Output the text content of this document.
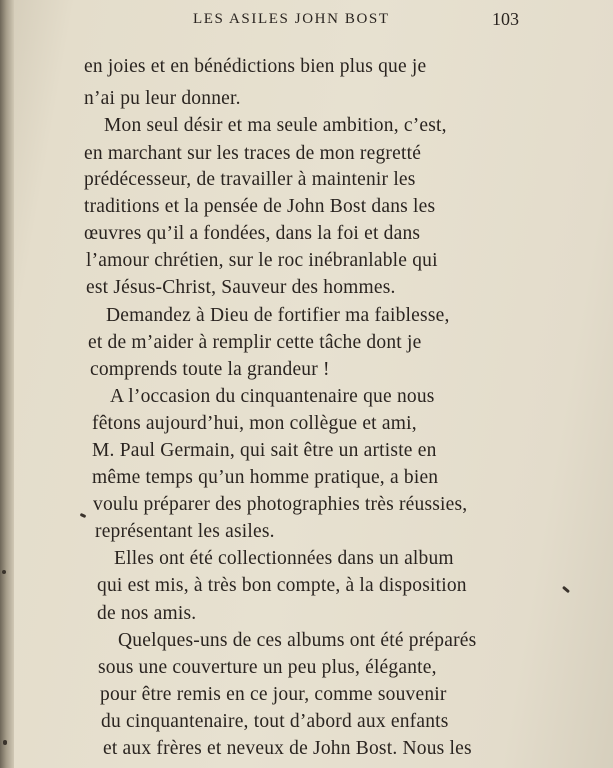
LES ASILES JOHN BOST	103
en joies et en bénédictions bien plus que je
n’ai pu leur donner.
Mon seul désir et ma seule ambition, c’est,
en marchant sur les traces de mon regretté
prédécesseur, de travailler à maintenir les
traditions et la pensée de John Bost dans les
œuvres qu’il a fondées, dans la foi et dans
l’amour chrétien, sur le roc inébranlable qui
est Jésus-Christ, Sauveur des hommes.
Demandez à Dieu de fortifier ma faiblesse,
et de m’aider à remplir cette tâche dont je
comprends toute la grandeur !
A l’occasion du cinquantenaire que nous
fêtons aujourd’hui, mon collègue et ami,
M. Paul Germain, qui sait être un artiste en
même temps qu’un homme pratique, a bien
voulu préparer des photographies très réussies,
représentant les asiles.
Elles ont été collectionnées dans un album
qui est mis, à très bon compte, à la disposition
de nos amis.
Quelques-uns de ces albums ont été préparés
sous une couverture un peu plus, élégante,
pour être remis en ce jour, comme souvenir
du cinquantenaire, tout d’abord aux enfants
et aux frères et neveux de John Bost. Nous les
